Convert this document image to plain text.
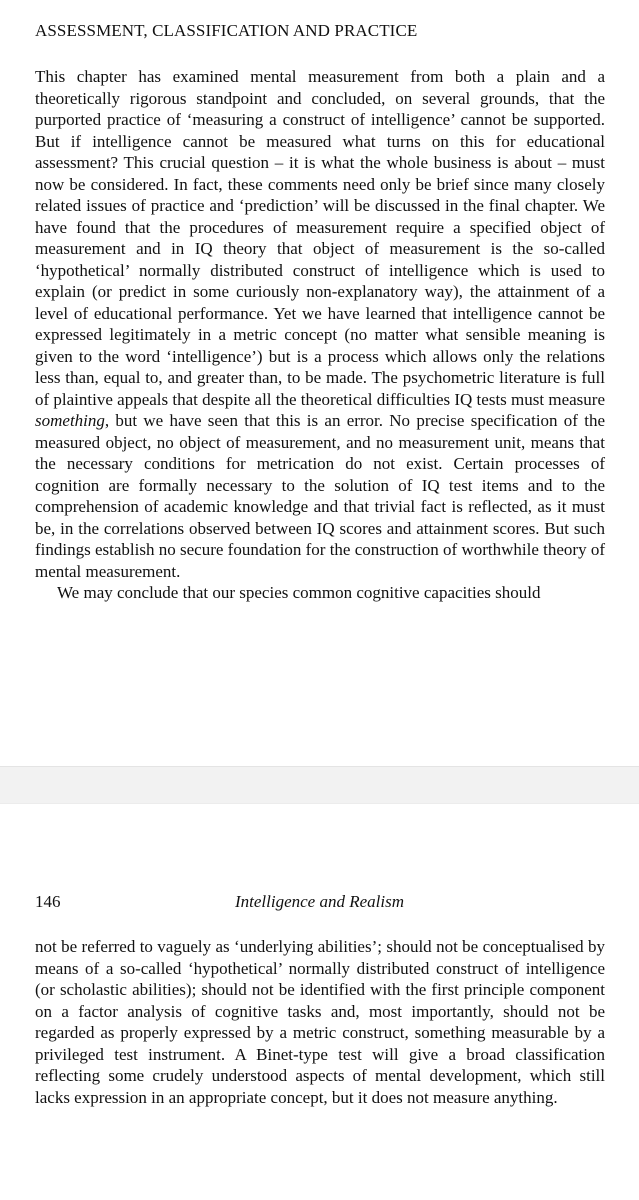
ASSESSMENT, CLASSIFICATION AND PRACTICE

This chapter has examined mental measurement from both a plain and a theoretically rigorous standpoint and concluded, on several grounds, that the purported practice of ‘measuring a construct of intelligence’ cannot be supported. But if intelligence cannot be measured what turns on this for educational assessment? This crucial question – it is what the whole business is about – must now be considered. In fact, these comments need only be brief since many closely related issues of practice and ‘prediction’ will be discussed in the final chapter. We have found that the procedures of measurement require a specified object of measurement and in IQ theory that object of measurement is the so-called ‘hypothetical’ normally distributed construct of intelligence which is used to explain (or predict in some curiously non-explanatory way), the attainment of a level of educational performance. Yet we have learned that intelligence cannot be expressed legitimately in a metric concept (no matter what sensible meaning is given to the word ‘intelligence’) but is a process which allows only the relations less than, equal to, and greater than, to be made. The psychometric literature is full of plaintive appeals that despite all the theoretical difficulties IQ tests must measure something, but we have seen that this is an error. No precise specification of the measured object, no object of measurement, and no measurement unit, means that the necessary conditions for metrication do not exist. Certain processes of cognition are formally necessary to the solution of IQ test items and to the comprehension of academic knowledge and that trivial fact is reflected, as it must be, in the correlations observed between IQ scores and attainment scores. But such findings establish no secure foundation for the construction of worthwhile theory of mental measurement.

We may conclude that our species common cognitive capacities should

146	Intelligence and Realism

not be referred to vaguely as ‘underlying abilities’; should not be conceptualised by means of a so-called ‘hypothetical’ normally distributed construct of intelligence (or scholastic abilities); should not be identified with the first principle component on a factor analysis of cognitive tasks and, most importantly, should not be regarded as properly expressed by a metric construct, something measurable by a privileged test instrument. A Binet-type test will give a broad classification reflecting some crudely understood aspects of mental development, which still lacks expression in an appropriate concept, but it does not measure anything.
